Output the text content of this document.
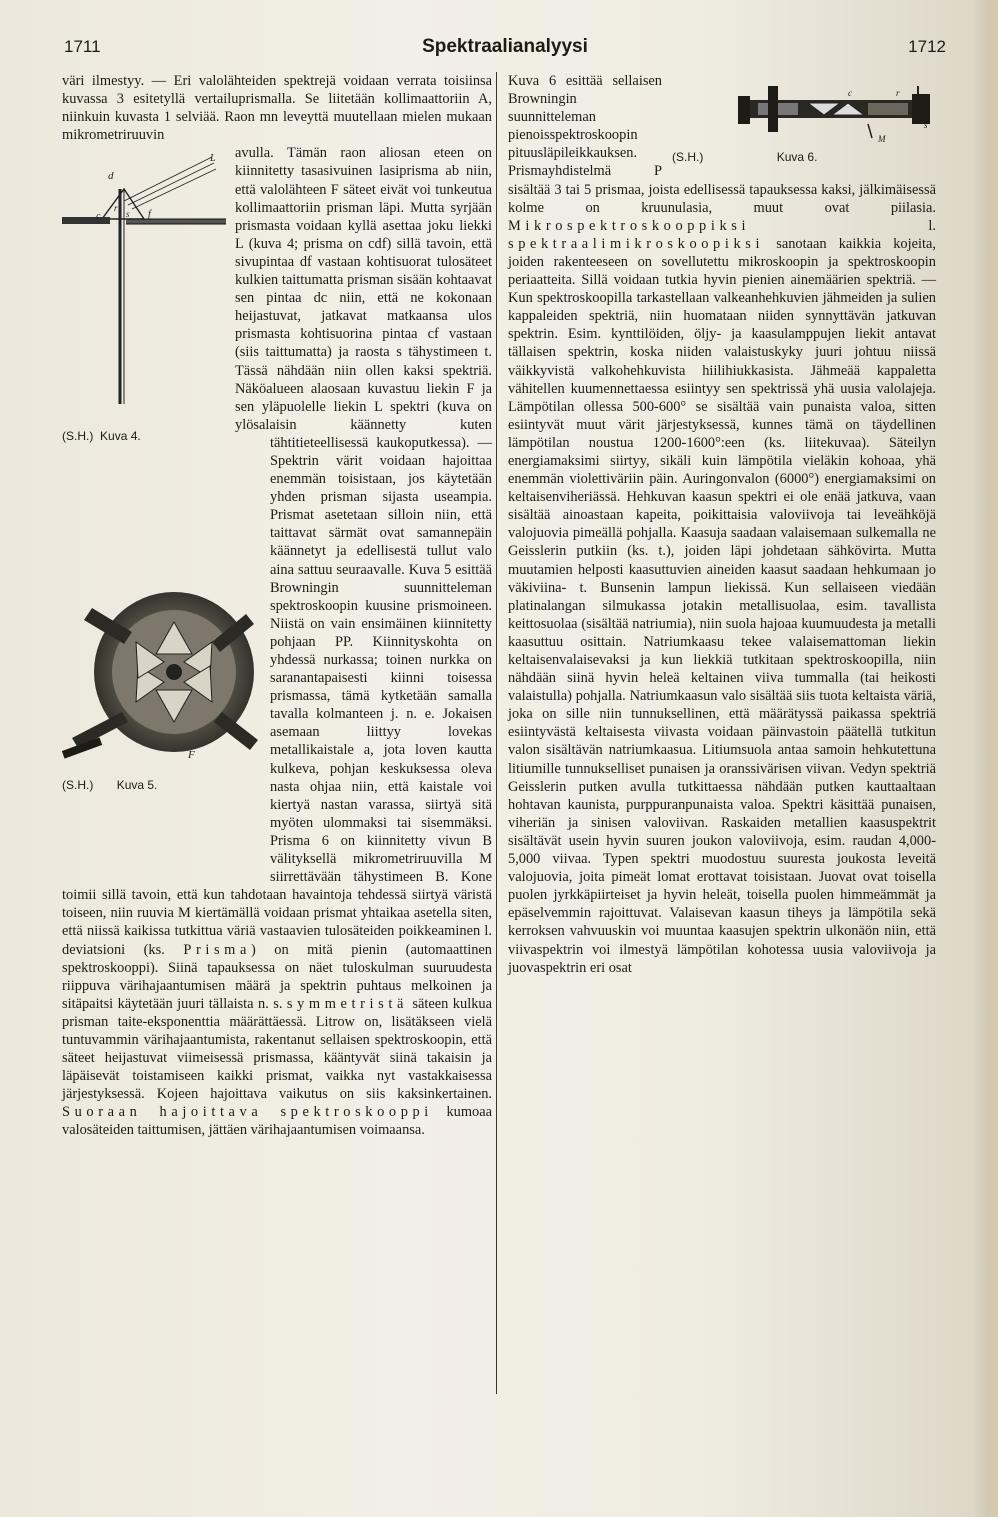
1711	Spektraalianalyysi	1712

väri ilmestyy. — Eri valolähteiden spektrejä voidaan verrata toisiinsa kuvassa 3 esitetyllä vertailuprismalla. Se liitetään kollimaattoriin A, niinkuin kuvasta 1 selviää. Raon mn leveyttä muutellaan mielen mukaan mikrometriruuvin

d
r
c	s f
L
(S.H.) Kuva 4.

avulla. Tämän raon aliosan eteen on kiinnitetty tasasivuinen lasiprisma ab niin, että valolähteen F säteet eivät voi tunkeutua kollimaattoriin prisman läpi. Mutta syrjään prismasta voidaan kyllä asettaa joku liekki L (kuva 4; prisma on cdf) sillä tavoin, että sivupintaa df vastaan kohtisuorat tulosäteet kulkien taittumatta prisman sisään kohtaavat sen pintaa dc niin, että ne kokonaan heijastuvat, jatkavat matkaansa ulos prismasta kohtisuorina pintaa cf vastaan (siis taittumatta) ja raosta s tähystimeen t. Tässä nähdään niin ollen kaksi spektriä. Näköalueen alaosaan kuvastuu liekin F ja sen yläpuolelle liekin L spektri (kuva on ylösalaisin käännetty kuten tähtitieteellisessä kaukoputkessa). — Spektrin värit voidaan hajoittaa enemmän toisistaan, jos käytetään yhden prisman sijasta useampia. Prismat asetetaan silloin niin, että taittavat särmät ovat samannepäin käännetyt ja edellisestä tullut valo aina sattuu seuraavalle. Kuva 5 esittää Browningin suunnitteleman spektroskoopin kuusine prismoineen. Niistä on vain ensimäinen kiinnitetty pohjaan PP. Kiinnityskohta on yhdessä nurkassa; toinen nurkka on saranantapaisesti kiinni toisessa prismassa, tämä kytketään samalla tavalla kolmanteen j. n. e. Jokaisen asemaan liittyy lovekas metallikaistale a, jota loven kautta kulkeva, pohjan keskuksessa oleva nasta ohjaa niin, että kaistale voi kiertyä nastan varassa, siirtyä sitä myöten ulommaksi tai sisemmäksi. Prisma 6 on kiinnitetty vivun B välityksellä mikrometriruuvilla M siirrettävään tähystimeen B. Kone toimii sillä tavoin, että kun tahdotaan havaintoja tehdessä siirtyä väristä toiseen, niin ruuvia M kiertämällä voidaan prismat yhtaikaa asetella siten, että niissä kaikissa tutkittua väriä vastaavien tulosäteiden poikkeaminen l. deviatsioni (ks. Prisma) on mitä pienin (automaattinen spektroskooppi). Siinä tapauksessa on näet tuloskulman suuruudesta riippuva värihajaantumisen määrä ja spektrin puhtaus melkoinen ja sitäpaitsi käytetään juuri tällaista n. s. symmetristä säteen kulkua prisman taite-eksponenttia määrättäessä. Litrow on, lisätäkseen vielä tuntuvammin värihajaantumista, rakentanut sellaisen spektroskoopin, että säteet heijastuvat viimeisessä prismassa, kääntyvät siinä takaisin ja läpäisevät toistamiseen kaikki prismat, vaikka nyt vastakkaisessa järjestyksessä. Kojeen hajoittava vaikutus on siis kaksinkertainen. Suoraan hajoittava spektroskooppi kumoaa valosäteiden taittumisen, jättäen värihajaantumisen voimaansa.

F
(S.H.) Kuva 5.
c	r
M
s
(S.H.)	Kuva 6.

Kuva 6 esittää sellaisen Browningin suunnitteleman pienoisspektroskoopin pituusläpileikkauksen. Prismayhdistelmä P sisältää 3 tai 5 prismaa, joista edellisessä tapauksessa kaksi, jälkimäisessä kolme on kruunulasia, muut ovat piilasia. Mikrospektroskooppiksi	l. spektraalimikroskoopiksi sanotaan kaikkia kojeita, joiden rakenteeseen on sovellutettu mikroskoopin ja spektroskoopin periaatteita. Sillä voidaan tutkia hyvin pienien ainemäärien spektriä. — Kun spektroskoopilla tarkastellaan valkeanhehkuvien jähmeiden ja sulien kappaleiden spektriä, niin huomataan niiden synnyttävän jatkuvan spektrin. Esim. kynttilöiden, öljy- ja kaasulamppujen liekit antavat tällaisen spektrin, koska niiden valaistuskyky juuri johtuu niissä väikkyvistä valkohehkuvista hiilihiukkasista. Jähmeää kappaletta vähitellen kuumennettaessa esiintyy sen spektrissä yhä uusia valolajeja. Lämpötilan ollessa 500-600° se sisältää vain punaista valoa, sitten esiintyvät muut värit järjestyksessä, kunnes tämä on täydellinen lämpötilan noustua 1200-1600°:een (ks. liitekuvaa). Säteilyn energiamaksimi siirtyy, sikäli kuin lämpötila vieläkin kohoaa, yhä enemmän violettiväriin päin. Auringonvalon (6000°) energiamaksimi on keltaisenviheriässä. Hehkuvan kaasun spektri ei ole enää jatkuva, vaan sisältää ainoastaan kapeita, poikittaisia valoviivoja tai leveähköjä valojuovia pimeällä pohjalla. Kaasuja saadaan valaisemaan sulkemalla ne Geisslerin putkiin (ks. t.), joiden läpi johdetaan sähkövirta. Mutta muutamien helposti kaasuttuvien aineiden kaasut saadaan hehkumaan jo väkiviina- t. Bunsenin lampun liekissä. Kun sellaiseen viedään platinalangan silmukassa jotakin metallisuolaa, esim. tavallista keittosuolaa (sisältää natriumia), niin suola hajoaa kuumuudesta ja metalli kaasuttuu osittain. Natriumkaasu tekee valaisemattoman liekin keltaisenvalaisevaksi ja kun liekkiä tutkitaan spektroskoopilla, niin nähdään siinä hyvin heleä keltainen viiva tummalla (tai heikosti valaistulla) pohjalla. Natriumkaasun valo sisältää siis tuota keltaista väriä, joka on sille niin tunnuksellinen, että määrätyssä paikassa spektriä esiintyvästä keltaisesta viivasta voidaan päinvastoin päätellä tutkitun valon sisältävän natriumkaasua. Litiumsuola antaa samoin hehkutettuna litiumille tunnukselliset punaisen ja oranssivärisen viivan. Vedyn spektriä Geisslerin putken avulla tutkittaessa nähdään putken kauttaaltaan hohtavan kaunista, purppuranpunaista valoa. Spektri käsittää punaisen, viheriän ja sinisen valoviivan. Raskaiden metallien kaasuspektrit sisältävät usein hyvin suuren joukon valoviivoja, esim. raudan 4,000-5,000 viivaa. Typen spektri muodostuu suuresta joukosta leveitä valojuovia, joita pimeät lomat erottavat toisistaan. Juovat ovat toisella puolen jyrkkäpiirteiset ja hyvin heleät, toisella puolen himmeämmät ja epäselvemmin rajoittuvat. Valaisevan kaasun tiheys ja lämpötila sekä kerroksen vahvuuskin voi muuntaa kaasujen spektrin ulkonäön niin, että viivaspektrin voi ilmestyä lämpötilan kohotessa uusia valoviivoja ja juovaspektrin eri osat
